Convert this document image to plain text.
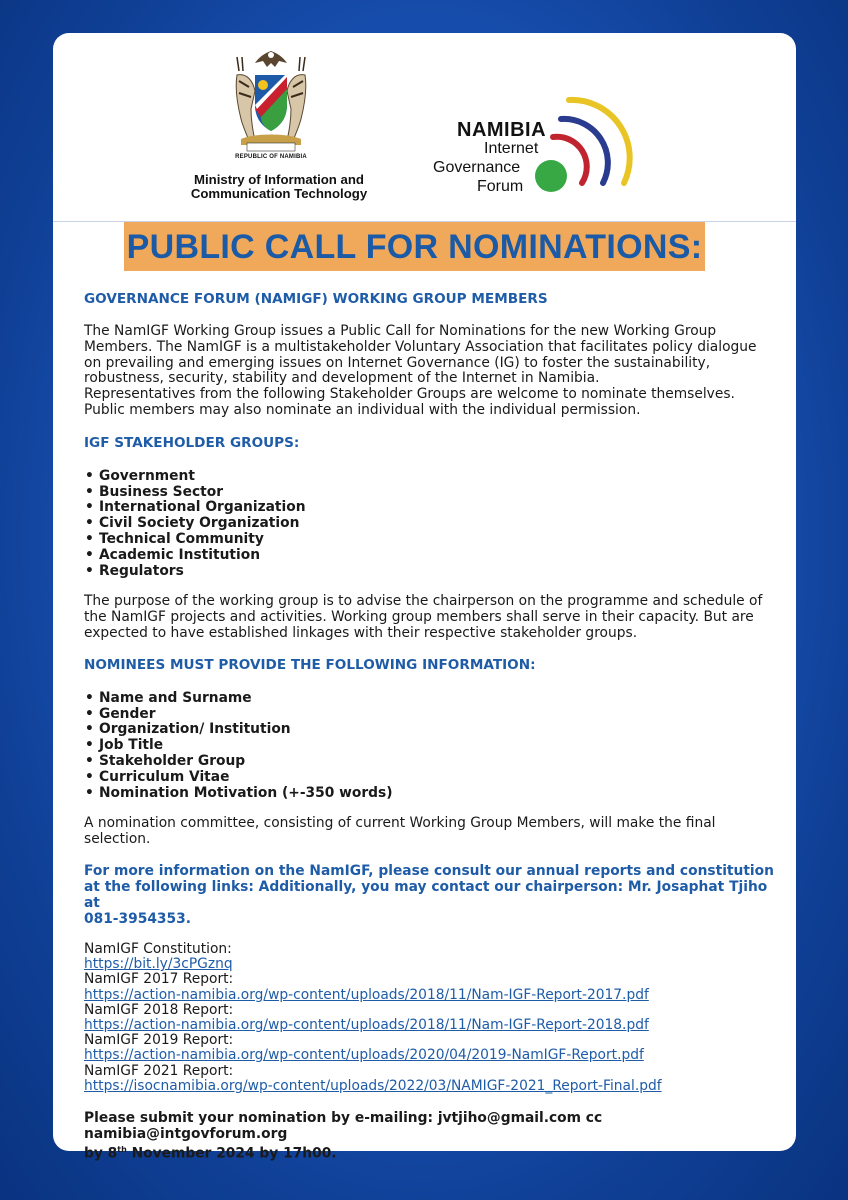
REPUBLIC OF NAMIBIA
Ministry of Information and
Communication Technology
NAMIBIA
Internet
Governance
Forum
PUBLIC CALL FOR NOMINATIONS:

GOVERNANCE FORUM (NAMIGF) WORKING GROUP MEMBERS

The NamIGF Working Group issues a Public Call for Nominations for the new Working Group
Members. The NamIGF is a multistakeholder Voluntary Association that facilitates policy dialogue
on prevailing and emerging issues on Internet Governance (IG) to foster the sustainability,
robustness, security, stability and development of the Internet in Namibia.
Representatives from the following Stakeholder Groups are welcome to nominate themselves.
Public members may also nominate an individual with the individual permission.

IGF STAKEHOLDER GROUPS:

• Government
• Business Sector
• International Organization
• Civil Society Organization
• Technical Community
• Academic Institution
• Regulators
The purpose of the working group is to advise the chairperson on the programme and schedule of
the NamIGF projects and activities. Working group members shall serve in their capacity. But are
expected to have established linkages with their respective stakeholder groups.

NOMINEES MUST PROVIDE THE FOLLOWING INFORMATION:

• Name and Surname
• Gender
• Organization/ Institution
• Job Title
• Stakeholder Group
• Curriculum Vitae
• Nomination Motivation (+-350 words)
A nomination committee, consisting of current Working Group Members, will make the final
selection.
For more information on the NamIGF, please consult our annual reports and constitution
at the following links: Additionally, you may contact our chairperson: Mr. Josaphat Tjiho at
081-3954353.
NamIGF Constitution:
https://bit.ly/3cPGznq
NamIGF 2017 Report:
https://action-namibia.org/wp-content/uploads/2018/11/Nam-IGF-Report-2017.pdf
NamIGF 2018 Report:
https://action-namibia.org/wp-content/uploads/2018/11/Nam-IGF-Report-2018.pdf
NamIGF 2019 Report:
https://action-namibia.org/wp-content/uploads/2020/04/2019-NamIGF-Report.pdf
NamIGF 2021 Report:
https://isocnamibia.org/wp-content/uploads/2022/03/NAMIGF-2021_Report-Final.pdf
Please submit your nomination by e-mailing: jvtjiho@gmail.com cc namibia@intgovforum.org
by 8th November 2024 by 17h00.
